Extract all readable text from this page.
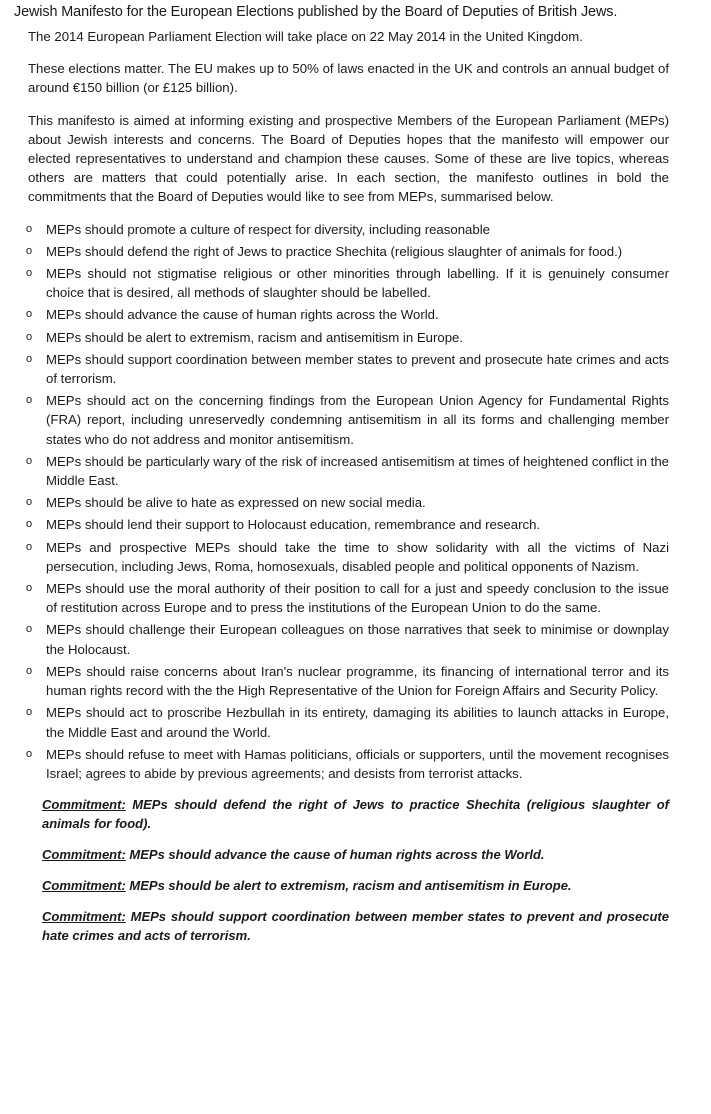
Jewish Manifesto for the European Elections published by the Board of Deputies of British Jews.

The 2014 European Parliament Election will take place on 22 May 2014 in the United Kingdom.

These elections matter. The EU makes up to 50% of laws enacted in the UK and controls an annual budget of around €150 billion (or £125 billion).

This manifesto is aimed at informing existing and prospective Members of the European Parliament (MEPs) about Jewish interests and concerns. The Board of Deputies hopes that the manifesto will empower our elected representatives to understand and champion these causes. Some of these are live topics, whereas others are matters that could potentially arise. In each section, the manifesto outlines in bold the commitments that the Board of Deputies would like to see from MEPs, summarised below.

o MEPs should promote a culture of respect for diversity, including reasonable
o MEPs should defend the right of Jews to practice Shechita (religious slaughter of animals for food.)
o MEPs should not stigmatise religious or other minorities through labelling. If it is genuinely consumer choice that is desired, all methods of slaughter should be labelled.
o MEPs should advance the cause of human rights across the World.
o MEPs should be alert to extremism, racism and antisemitism in Europe.
o MEPs should support coordination between member states to prevent and prosecute hate crimes and acts of terrorism.
o MEPs should act on the concerning findings from the European Union Agency for Fundamental Rights (FRA) report, including unreservedly condemning antisemitism in all its forms and challenging member states who do not address and monitor antisemitism.
o MEPs should be particularly wary of the risk of increased antisemitism at times of heightened conflict in the Middle East.
o MEPs should be alive to hate as expressed on new social media.
o MEPs should lend their support to Holocaust education, remembrance and research.
o MEPs and prospective MEPs should take the time to show solidarity with all the victims of Nazi persecution, including Jews, Roma, homosexuals, disabled people and political opponents of Nazism.
o MEPs should use the moral authority of their position to call for a just and speedy conclusion to the issue of restitution across Europe and to press the institutions of the European Union to do the same.
o MEPs should challenge their European colleagues on those narratives that seek to minimise or downplay the Holocaust.
o MEPs should raise concerns about Iran's nuclear programme, its financing of international terror and its human rights record with the the High Representative of the Union for Foreign Affairs and Security Policy.
o MEPs should act to proscribe Hezbullah in its entirety, damaging its abilities to launch attacks in Europe, the Middle East and around the World.
o MEPs should refuse to meet with Hamas politicians, officials or supporters, until the movement recognises Israel; agrees to abide by previous agreements; and desists from terrorist attacks.

Commitment: MEPs should defend the right of Jews to practice Shechita (religious slaughter of animals for food).

Commitment: MEPs should advance the cause of human rights across the World.

Commitment: MEPs should be alert to extremism, racism and antisemitism in Europe.

Commitment: MEPs should support coordination between member states to prevent and prosecute hate crimes and acts of terrorism.
